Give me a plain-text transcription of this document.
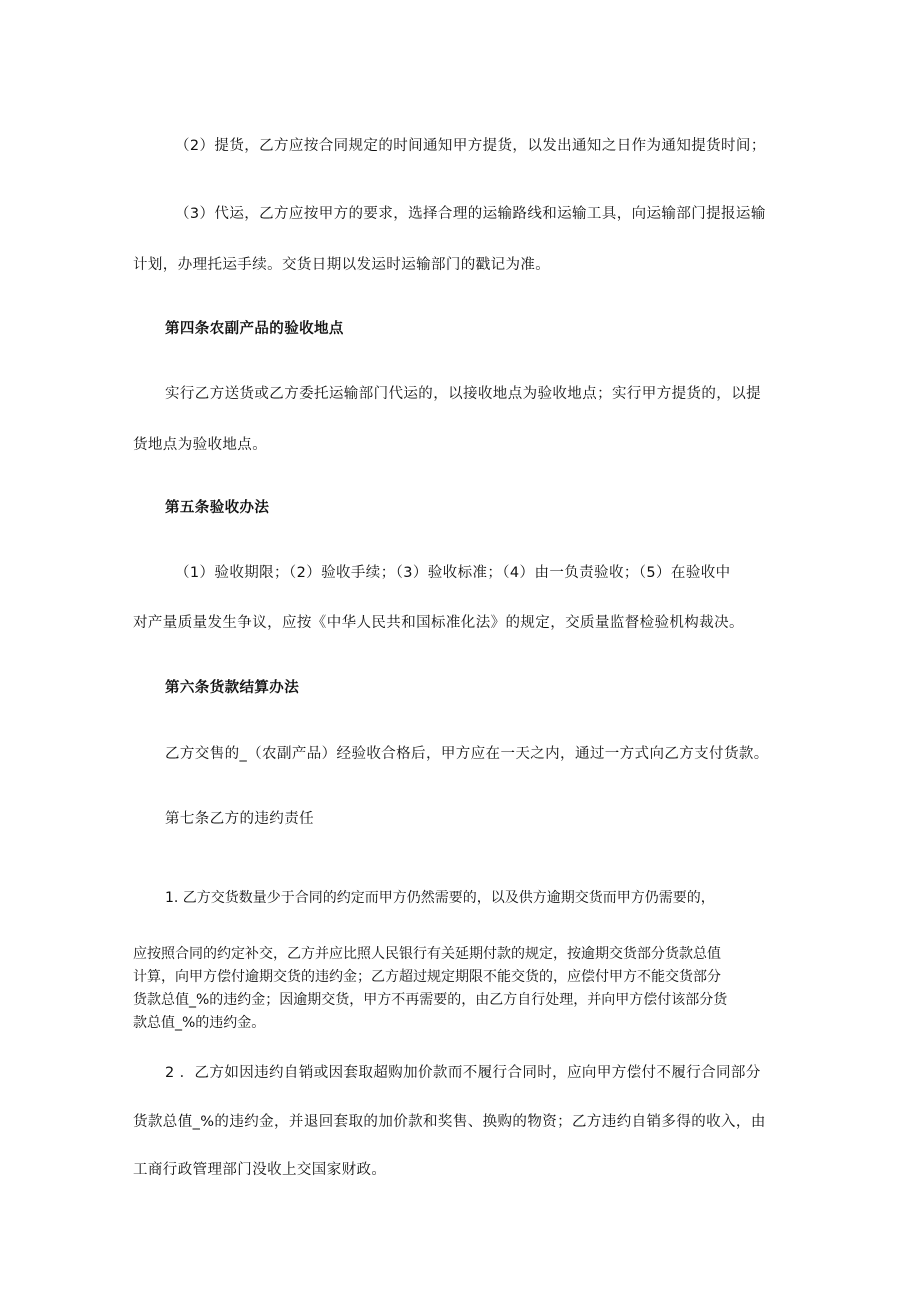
（2）提货，乙方应按合同规定的时间通知甲方提货，以发出通知之日作为通知提货时间；
（3）代运，乙方应按甲方的要求，选择合理的运输路线和运输工具，向运输部门提报运输
计划，办理托运手续。交货日期以发运时运输部门的戳记为准。
第四条农副产品的验收地点
实行乙方送货或乙方委托运输部门代运的，以接收地点为验收地点；实行甲方提货的，以提
货地点为验收地点。
第五条验收办法
（1）验收期限；（2）验收手续；（3）验收标准；（4）由一负责验收；（5）在验收中
对产量质量发生争议，应按《中华人民共和国标准化法》的规定，交质量监督检验机构裁决。
第六条货款结算办法
乙方交售的_（农副产品）经验收合格后，甲方应在一天之内，通过一方式向乙方支付货款。
第七条乙方的违约责任
1. 乙方交货数量少于合同的约定而甲方仍然需要的，以及供方逾期交货而甲方仍需要的，
应按照合同的约定补交，乙方并应比照人民银行有关延期付款的规定，按逾期交货部分货款总值
计算，向甲方偿付逾期交货的违约金；乙方超过规定期限不能交货的，应偿付甲方不能交货部分
货款总值_%的违约金；因逾期交货，甲方不再需要的，由乙方自行处理，并向甲方偿付该部分货
款总值_%的违约金。
2 ．乙方如因违约自销或因套取超购加价款而不履行合同时，应向甲方偿付不履行合同部分
货款总值_%的违约金，并退回套取的加价款和奖售、换购的物资；乙方违约自销多得的收入，由
工商行政管理部门没收上交国家财政。
